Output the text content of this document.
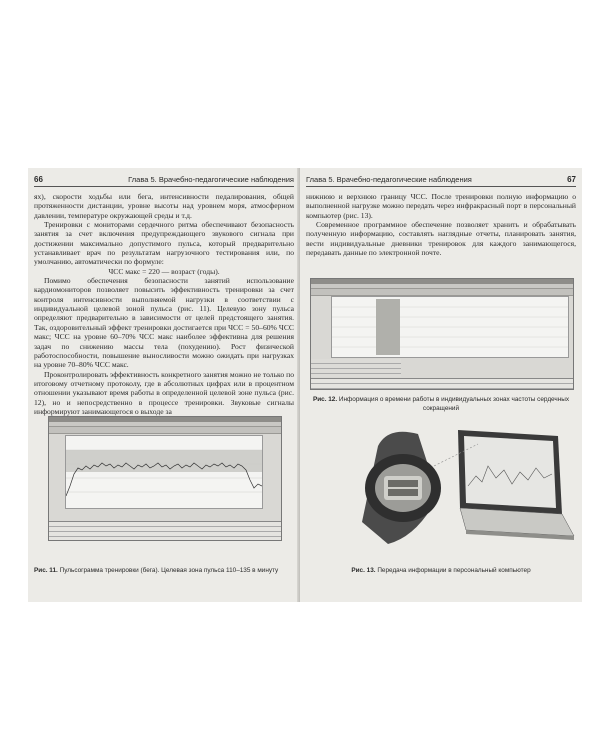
66	Глава 5. Врачебно-педагогические наблюдения

ях), скорости ходьбы или бега, интенсивности педалирования, общей протяженности дистанции, уровне высоты над уровнем моря, атмосферном давлении, температуре окружающей среды и т.д.

Тренировки с мониторами сердечного ритма обеспечивают безопасность занятия за счет включения предупреждающего звукового сигнала при достижении максимально допустимого пульса, который предварительно устанавливает врач по результатам нагрузочного тестирования или, по умолчанию, автоматически по формуле:

ЧСС макс = 220 — возраст (годы).

Помимо обеспечения безопасности занятий использование кардиомониторов позволяет повысить эффективность тренировки за счет контроля интенсивности выполняемой нагрузки в соответствии с индивидуальной целевой зоной пульса (рис. 11). Целевую зону пульса определяют предварительно в зависимости от целей предстоящего занятия. Так, оздоровительный эффект тренировки достигается при ЧСС = 50–60% ЧСС макс; ЧСС на уровне 60–70% ЧСС макс наиболее эффективна для решения задач по снижению массы тела (похудению). Рост физической работоспособности, повышение выносливости можно ожидать при нагрузках на уровне 70–80% ЧСС макс.

Проконтролировать эффективность конкретного занятия можно не только по итоговому отчетному протоколу, где в абсолютных цифрах или в процентном отношении указывают время работы в определенной целевой зоне пульса (рис. 12), но и непосредственно в процессе тренировки. Звуковые сигналы информируют занимающегося о выходе за

Рис. 11. Пульсограмма тренировки (бега). Целевая зона пульса 110–135 в минуту
Глава 5. Врачебно-педагогические наблюдения	67

нижнюю и верхнюю границу ЧСС. После тренировки полную информацию о выполненной нагрузке можно передать через инфракрасный порт в персональный компьютер (рис. 13).

Современное программное обеспечение позволяет хранить и обрабатывать полученную информацию, составлять наглядные отчеты, планировать занятия, вести индивидуальные дневники тренировок для каждого занимающегося, передавать данные по электронной почте.

Рис. 12. Информация о времени работы в индивидуальных зонах частоты сердечных сокращений
Рис. 13. Передача информации в персональный компьютер
